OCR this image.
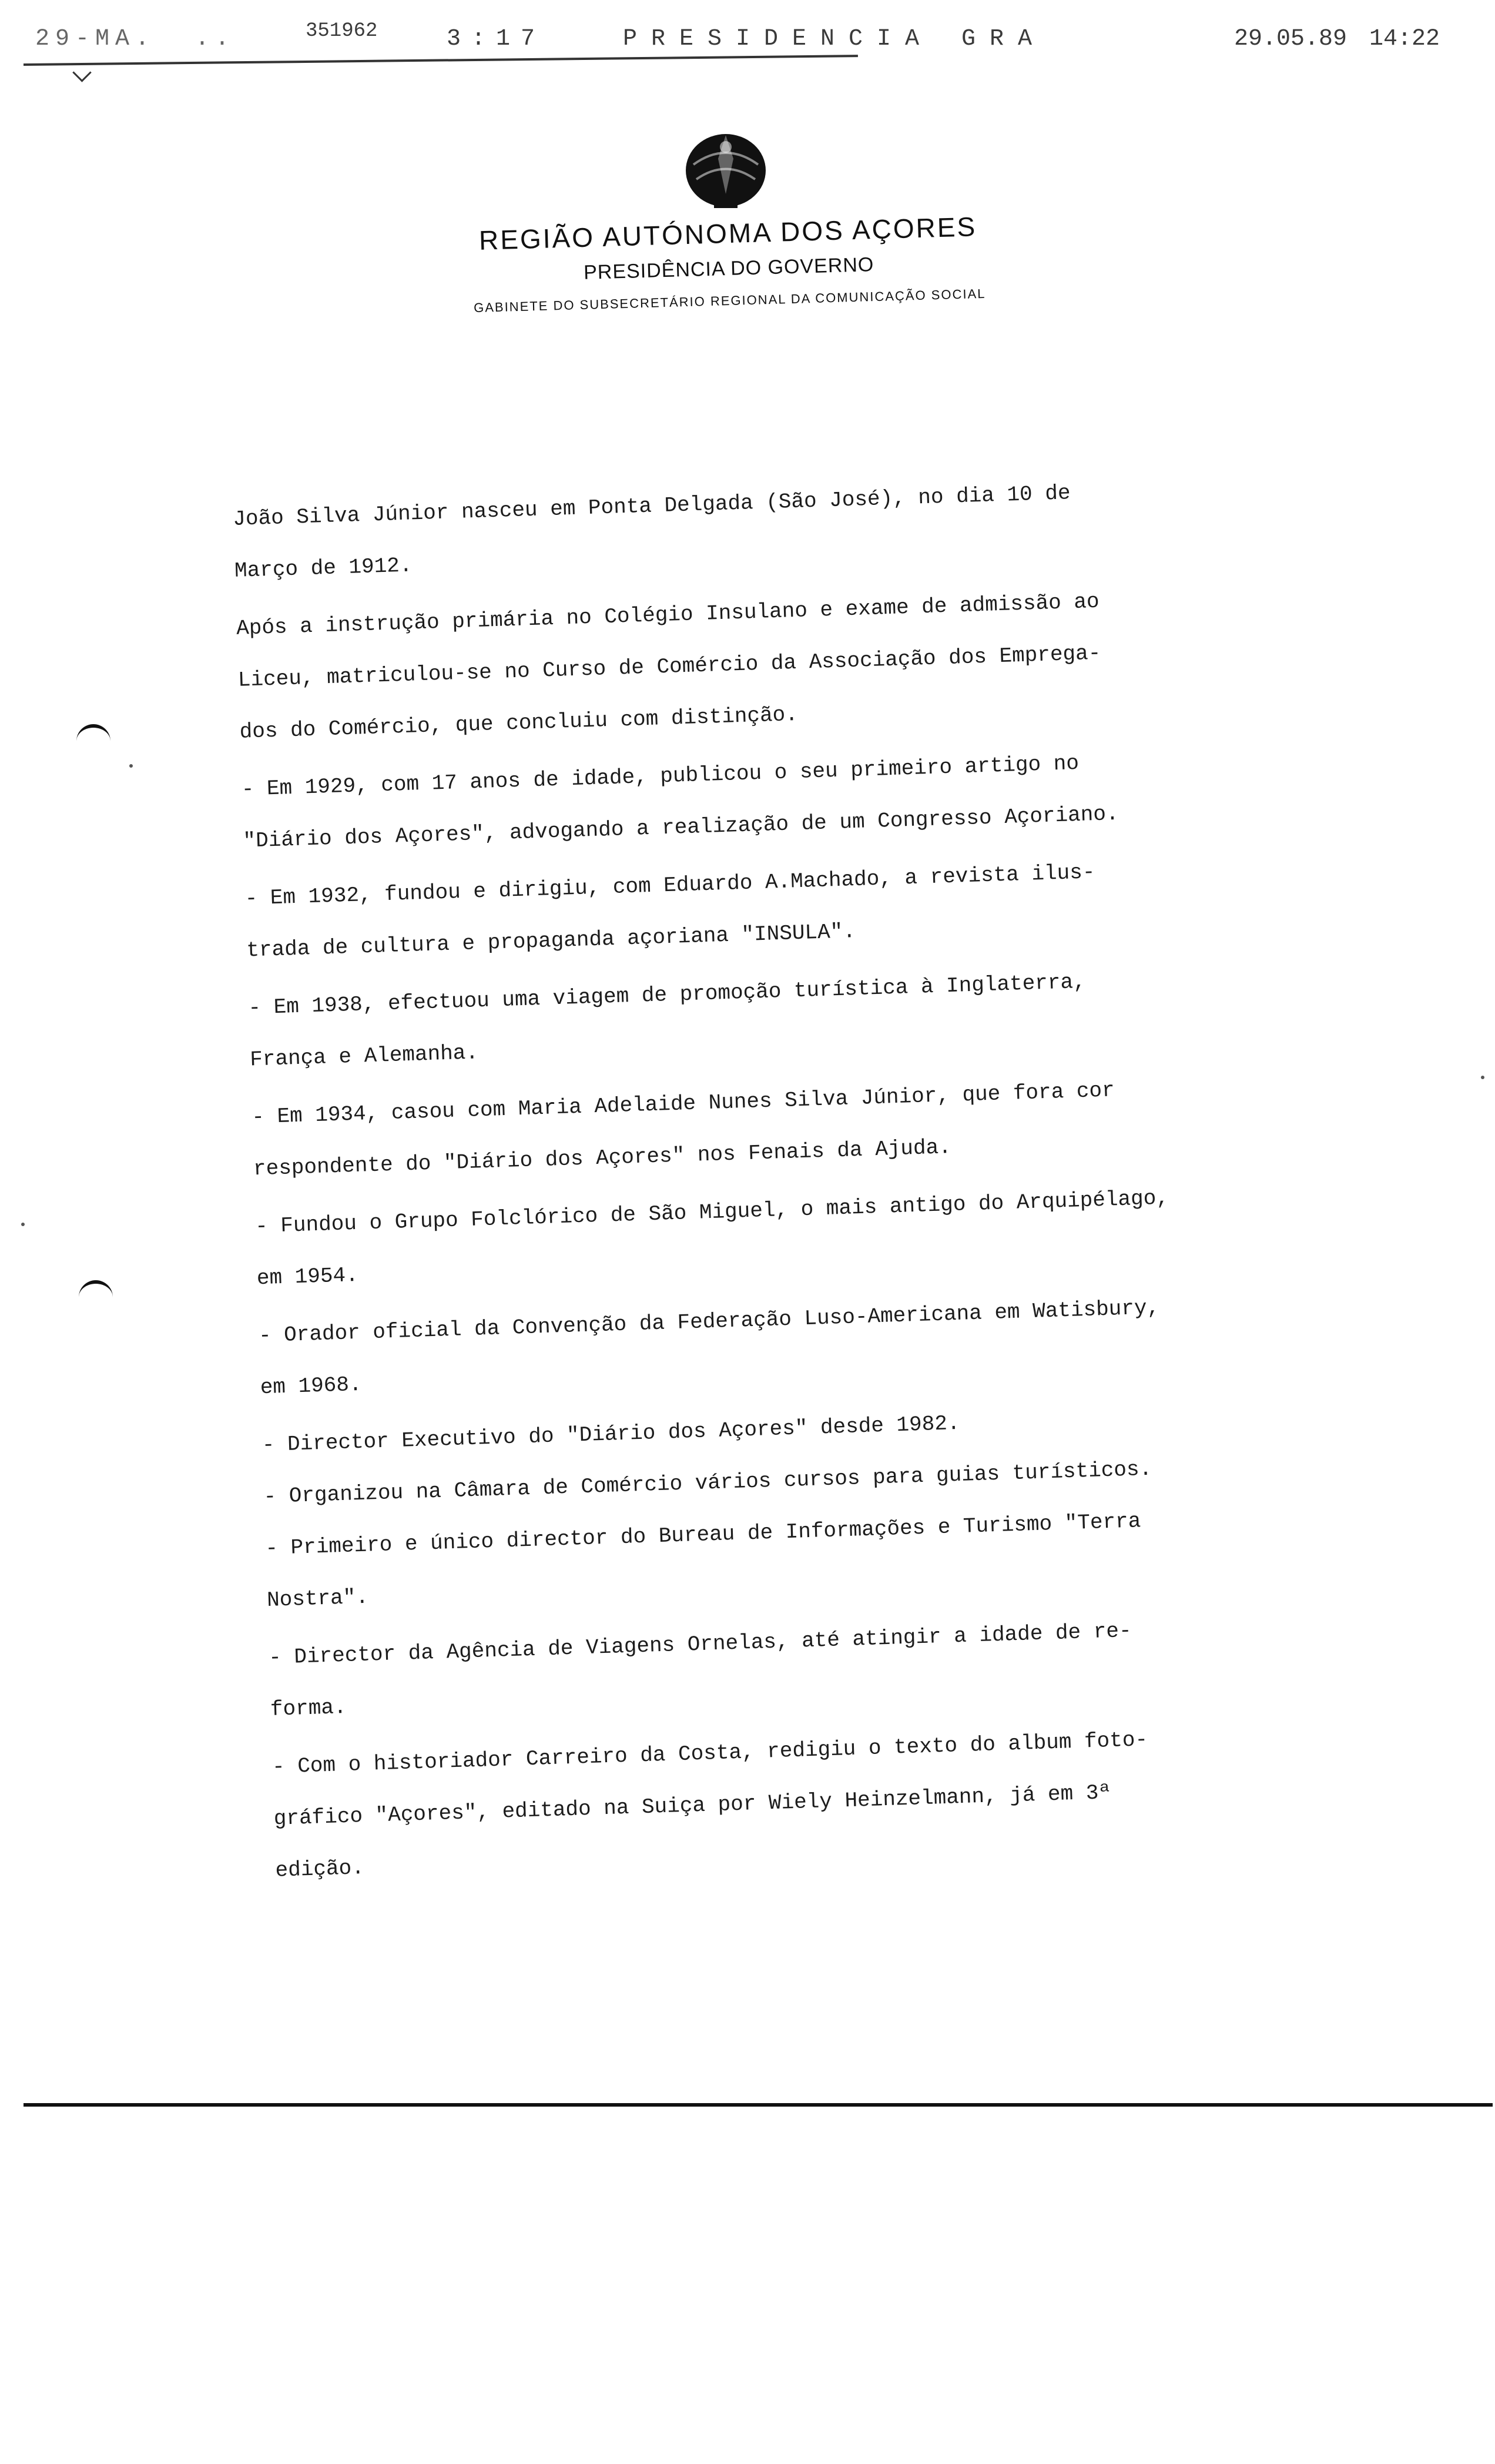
29-MA.  ..	351962	3:17	PRESIDENCIA GRA	29.05.89 14:22
REGIÃO AUTÓNOMA DOS AÇORES
PRESIDÊNCIA DO GOVERNO
GABINETE DO SUBSECRETÁRIO REGIONAL DA COMUNICAÇÃO SOCIAL
João Silva Júnior nasceu em Ponta Delgada (São José), no dia 10 de
Março de 1912.
Após a instrução primária no Colégio Insulano e exame de admissão ao
Liceu, matriculou-se no Curso de Comércio da Associação dos Emprega-
dos do Comércio, que concluiu com distinção.
- Em 1929, com 17 anos de idade, publicou o seu primeiro artigo no
"Diário dos Açores", advogando a realização de um Congresso Açoriano.
- Em 1932, fundou e dirigiu, com Eduardo A.Machado, a revista ilus-
trada de cultura e propaganda açoriana "INSULA".
- Em 1938, efectuou uma viagem de promoção turística à Inglaterra,
França e Alemanha.
- Em 1934, casou com Maria Adelaide Nunes Silva Júnior, que fora cor
respondente do "Diário dos Açores" nos Fenais da Ajuda.
- Fundou o Grupo Folclórico de São Miguel, o mais antigo do Arquipélago,
em 1954.
- Orador oficial da Convenção da Federação Luso-Americana em Watisbury,
em 1968.
- Director Executivo do "Diário dos Açores" desde 1982.
- Organizou na Câmara de Comércio vários cursos para guias turísticos.
- Primeiro e único director do Bureau de Informações e Turismo "Terra
Nostra".
- Director da Agência de Viagens Ornelas, até atingir a idade de re-
forma.
- Com o historiador Carreiro da Costa, redigiu o texto do album foto-
gráfico "Açores", editado na Suiça por Wiely Heinzelmann, já em 3ª
edição.
